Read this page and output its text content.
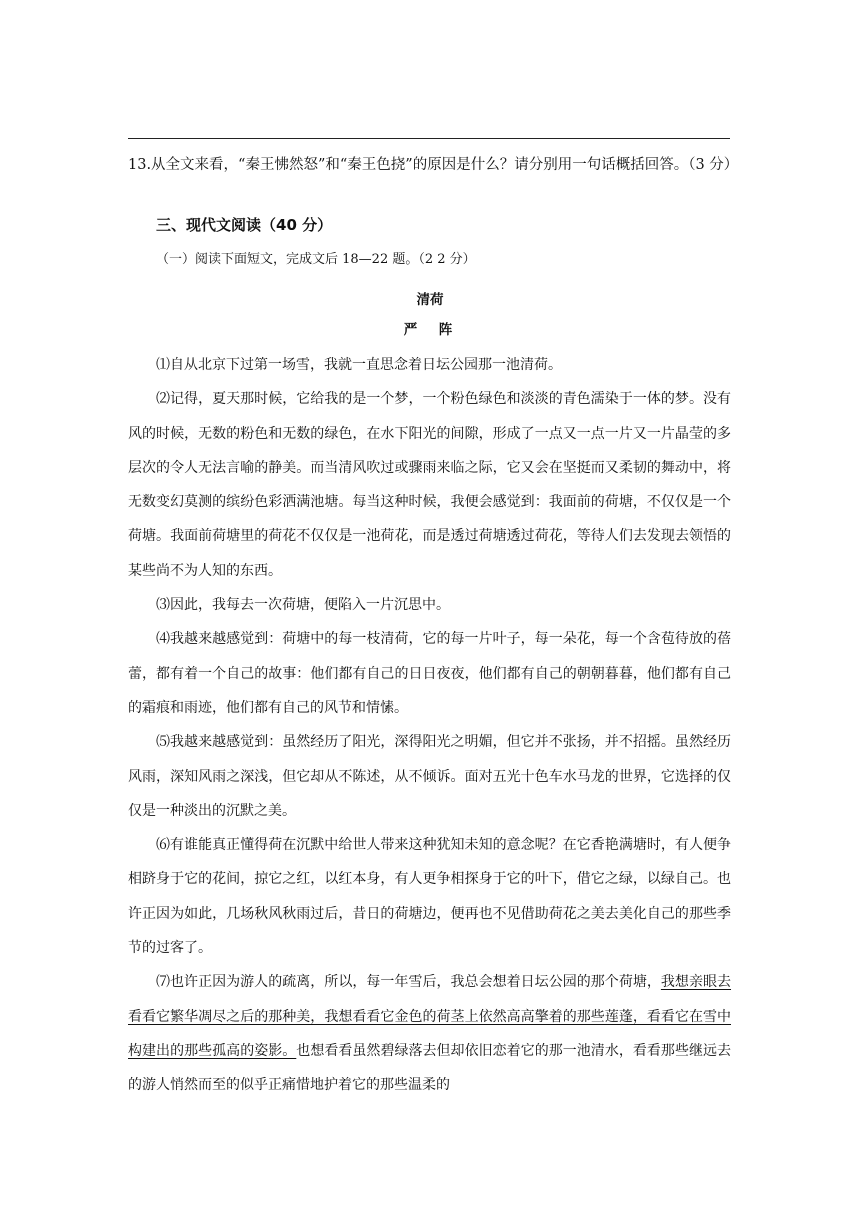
13.从全文来看，“秦王怫然怒”和“秦王色挠”的原因是什么？请分别用一句话概括回答。（3 分）

三、现代文阅读（40 分）

（一）阅读下面短文，完成文后 18—22 题。（2 2 分）

清荷

严　阵

⑴自从北京下过第一场雪，我就一直思念着日坛公园那一池清荷。

⑵记得，夏天那时候，它给我的是一个梦，一个粉色绿色和淡淡的青色濡染于一体的梦。没有风的时候，无数的粉色和无数的绿色，在水下阳光的间隙，形成了一点又一点一片又一片晶莹的多层次的令人无法言喻的静美。而当清风吹过或骤雨来临之际，它又会在坚挺而又柔韧的舞动中，将无数变幻莫测的缤纷色彩洒满池塘。每当这种时候，我便会感觉到：我面前的荷塘，不仅仅是一个荷塘。我面前荷塘里的荷花不仅仅是一池荷花，而是透过荷塘透过荷花，等待人们去发现去领悟的某些尚不为人知的东西。

⑶因此，我每去一次荷塘，便陷入一片沉思中。

⑷我越来越感觉到：荷塘中的每一枝清荷，它的每一片叶子，每一朵花，每一个含苞待放的蓓蕾，都有着一个自己的故事：他们都有自己的日日夜夜，他们都有自己的朝朝暮暮，他们都有自己的霜痕和雨迹，他们都有自己的风节和情愫。

⑸我越来越感觉到：虽然经历了阳光，深得阳光之明媚，但它并不张扬，并不招摇。虽然经历风雨，深知风雨之深浅，但它却从不陈述，从不倾诉。面对五光十色车水马龙的世界，它选择的仅仅是一种淡出的沉默之美。

⑹有谁能真正懂得荷在沉默中给世人带来这种犹知未知的意念呢？在它香艳满塘时，有人便争相跻身于它的花间，掠它之红，以红本身，有人更争相探身于它的叶下，借它之绿，以绿自己。也许正因为如此，几场秋风秋雨过后，昔日的荷塘边，便再也不见借助荷花之美去美化自己的那些季节的过客了。

⑺也许正因为游人的疏离，所以，每一年雪后，我总会想着日坛公园的那个荷塘，我想亲眼去看看它繁华凋尽之后的那种美，我想看看它金色的荷茎上依然高高擎着的那些莲蓬，看看它在雪中构建出的那些孤高的姿影。也想看看虽然碧绿落去但却依旧恋着它的那一池清水，看看那些继远去的游人悄然而至的似乎正痛惜地护着它的那些温柔的
